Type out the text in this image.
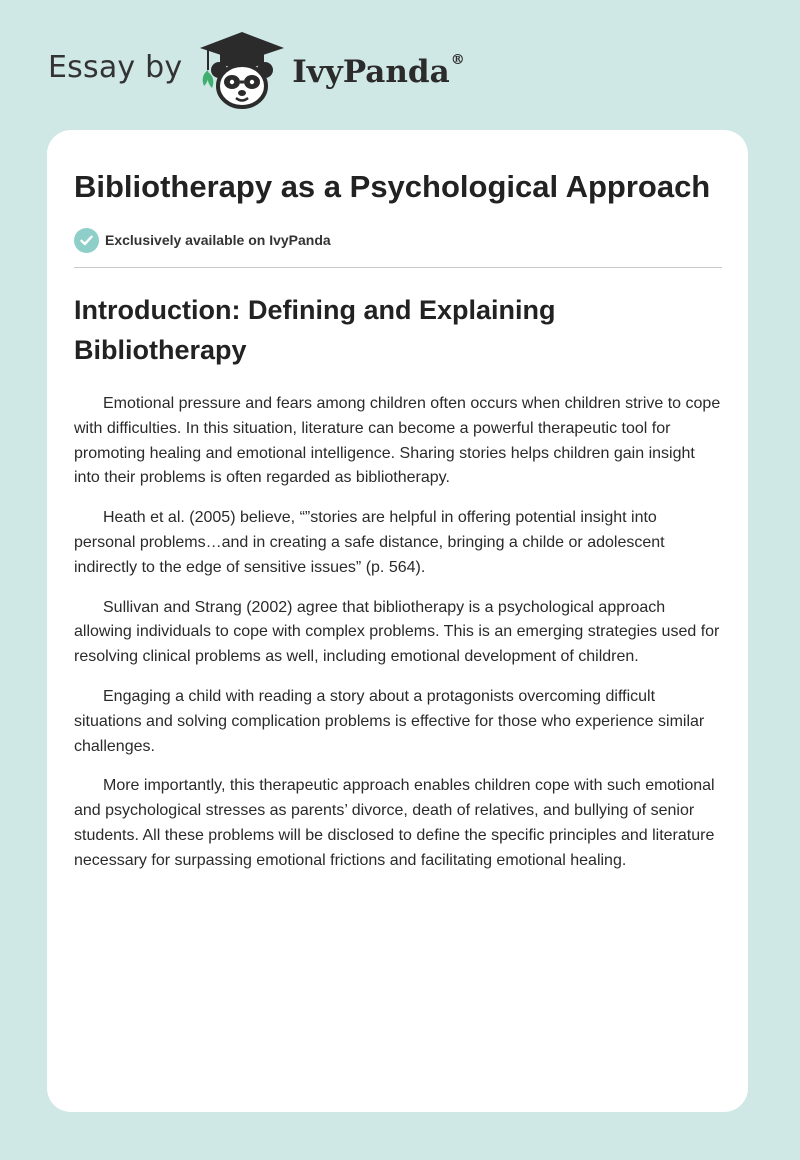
Essay by	IvyPanda®
Bibliotherapy as a Psychological Approach
Exclusively available on IvyPanda
Introduction: Defining and Explaining Bibliotherapy

Emotional pressure and fears among children often occurs when children strive to cope with difficulties. In this situation, literature can become a powerful therapeutic tool for promoting healing and emotional intelligence. Sharing stories helps children gain insight into their problems is often regarded as bibliotherapy.

Heath et al. (2005) believe, “”stories are helpful in offering potential insight into personal problems…and in creating a safe distance, bringing a childe or adolescent indirectly to the edge of sensitive issues” (p. 564).

Sullivan and Strang (2002) agree that bibliotherapy is a psychological approach allowing individuals to cope with complex problems. This is an emerging strategies used for resolving clinical problems as well, including emotional development of children.

Engaging a child with reading a story about a protagonists overcoming difficult situations and solving complication problems is effective for those who experience similar challenges.

More importantly, this therapeutic approach enables children cope with such emotional and psychological stresses as parents’ divorce, death of relatives, and bullying of senior students. All these problems will be disclosed to define the specific principles and literature necessary for surpassing emotional frictions and facilitating emotional healing.
